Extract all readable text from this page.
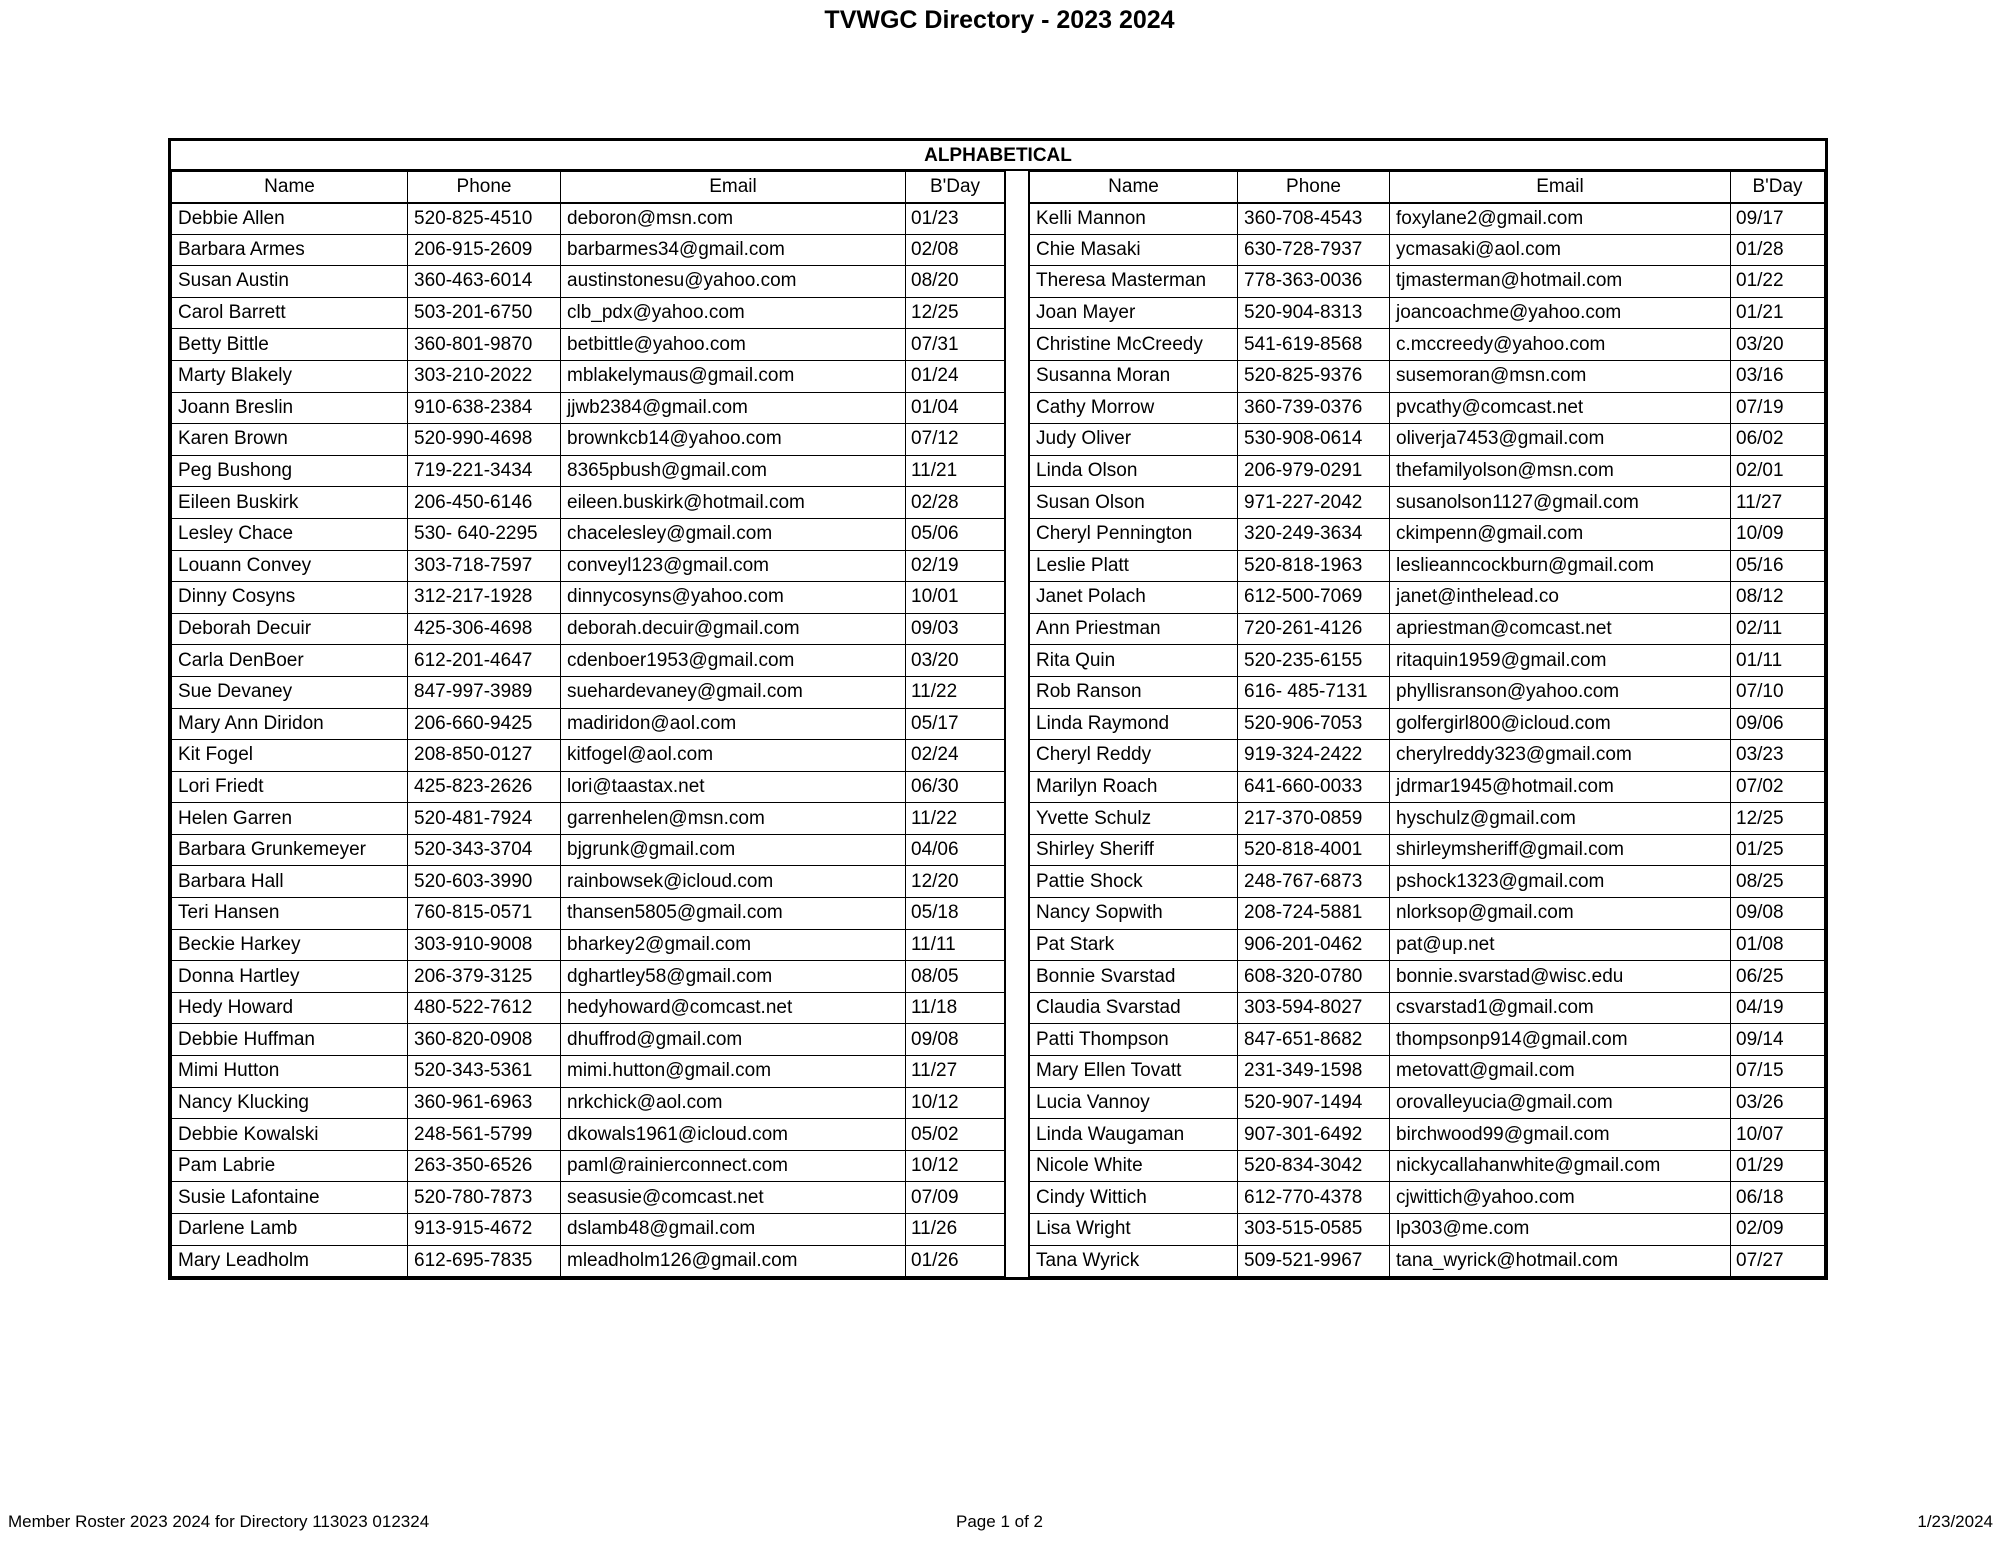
TVWGC Directory - 2023 2024
ALPHABETICAL
Name	Phone	Email	B'Day
Debbie Allen	520-825-4510	deboron@msn.com	01/23
Barbara Armes	206-915-2609	barbarmes34@gmail.com	02/08
Susan Austin	360-463-6014	austinstonesu@yahoo.com	08/20
Carol Barrett	503-201-6750	clb_pdx@yahoo.com	12/25
Betty Bittle	360-801-9870	betbittle@yahoo.com	07/31
Marty Blakely	303-210-2022	mblakelymaus@gmail.com	01/24
Joann Breslin	910-638-2384	jjwb2384@gmail.com	01/04
Karen Brown	520-990-4698	brownkcb14@yahoo.com	07/12
Peg Bushong	719-221-3434	8365pbush@gmail.com	11/21
Eileen Buskirk	206-450-6146	eileen.buskirk@hotmail.com	02/28
Lesley Chace	530- 640-2295	chacelesley@gmail.com	05/06
Louann Convey	303-718-7597	conveyl123@gmail.com	02/19
Dinny Cosyns	312-217-1928	dinnycosyns@yahoo.com	10/01
Deborah Decuir	425-306-4698	deborah.decuir@gmail.com	09/03
Carla DenBoer	612-201-4647	cdenboer1953@gmail.com	03/20
Sue Devaney	847-997-3989	suehardevaney@gmail.com	11/22
Mary Ann Diridon	206-660-9425	madiridon@aol.com	05/17
Kit Fogel	208-850-0127	kitfogel@aol.com	02/24
Lori Friedt	425-823-2626	lori@taastax.net	06/30
Helen Garren	520-481-7924	garrenhelen@msn.com	11/22
Barbara Grunkemeyer	520-343-3704	bjgrunk@gmail.com	04/06
Barbara Hall	520-603-3990	rainbowsek@icloud.com	12/20
Teri Hansen	760-815-0571	thansen5805@gmail.com	05/18
Beckie Harkey	303-910-9008	bharkey2@gmail.com	11/11
Donna Hartley	206-379-3125	dghartley58@gmail.com	08/05
Hedy Howard	480-522-7612	hedyhoward@comcast.net	11/18
Debbie Huffman	360-820-0908	dhuffrod@gmail.com	09/08
Mimi Hutton	520-343-5361	mimi.hutton@gmail.com	11/27
Nancy Klucking	360-961-6963	nrkchick@aol.com	10/12
Debbie Kowalski	248-561-5799	dkowals1961@icloud.com	05/02
Pam Labrie	263-350-6526	paml@rainierconnect.com	10/12
Susie Lafontaine	520-780-7873	seasusie@comcast.net	07/09
Darlene Lamb	913-915-4672	dslamb48@gmail.com	11/26
Mary Leadholm	612-695-7835	mleadholm126@gmail.com	01/26
Name	Phone	Email	B'Day
Kelli Mannon	360-708-4543	foxylane2@gmail.com	09/17
Chie Masaki	630-728-7937	ycmasaki@aol.com	01/28
Theresa Masterman	778-363-0036	tjmasterman@hotmail.com	01/22
Joan Mayer	520-904-8313	joancoachme@yahoo.com	01/21
Christine McCreedy	541-619-8568	c.mccreedy@yahoo.com	03/20
Susanna Moran	520-825-9376	susemoran@msn.com	03/16
Cathy Morrow	360-739-0376	pvcathy@comcast.net	07/19
Judy Oliver	530-908-0614	oliverja7453@gmail.com	06/02
Linda Olson	206-979-0291	thefamilyolson@msn.com	02/01
Susan Olson	971-227-2042	susanolson1127@gmail.com	11/27
Cheryl Pennington	320-249-3634	ckimpenn@gmail.com	10/09
Leslie Platt	520-818-1963	leslieanncockburn@gmail.com	05/16
Janet Polach	612-500-7069	janet@inthelead.co	08/12
Ann Priestman	720-261-4126	apriestman@comcast.net	02/11
Rita Quin	520-235-6155	ritaquin1959@gmail.com	01/11
Rob Ranson	616- 485-7131	phyllisranson@yahoo.com	07/10
Linda Raymond	520-906-7053	golfergirl800@icloud.com	09/06
Cheryl Reddy	919-324-2422	cherylreddy323@gmail.com	03/23
Marilyn Roach	641-660-0033	jdrmar1945@hotmail.com	07/02
Yvette Schulz	217-370-0859	hyschulz@gmail.com	12/25
Shirley Sheriff	520-818-4001	shirleymsheriff@gmail.com	01/25
Pattie Shock	248-767-6873	pshock1323@gmail.com	08/25
Nancy Sopwith	208-724-5881	nlorksop@gmail.com	09/08
Pat Stark	906-201-0462	pat@up.net	01/08
Bonnie Svarstad	608-320-0780	bonnie.svarstad@wisc.edu	06/25
Claudia Svarstad	303-594-8027	csvarstad1@gmail.com	04/19
Patti Thompson	847-651-8682	thompsonp914@gmail.com	09/14
Mary Ellen Tovatt	231-349-1598	metovatt@gmail.com	07/15
Lucia Vannoy	520-907-1494	orovalleyucia@gmail.com	03/26
Linda Waugaman	907-301-6492	birchwood99@gmail.com	10/07
Nicole White	520-834-3042	nickycallahanwhite@gmail.com	01/29
Cindy Wittich	612-770-4378	cjwittich@yahoo.com	06/18
Lisa Wright	303-515-0585	lp303@me.com	02/09
Tana Wyrick	509-521-9967	tana_wyrick@hotmail.com	07/27
Member Roster 2023 2024 for Directory 113023 012324	Page 1 of 2	1/23/2024
